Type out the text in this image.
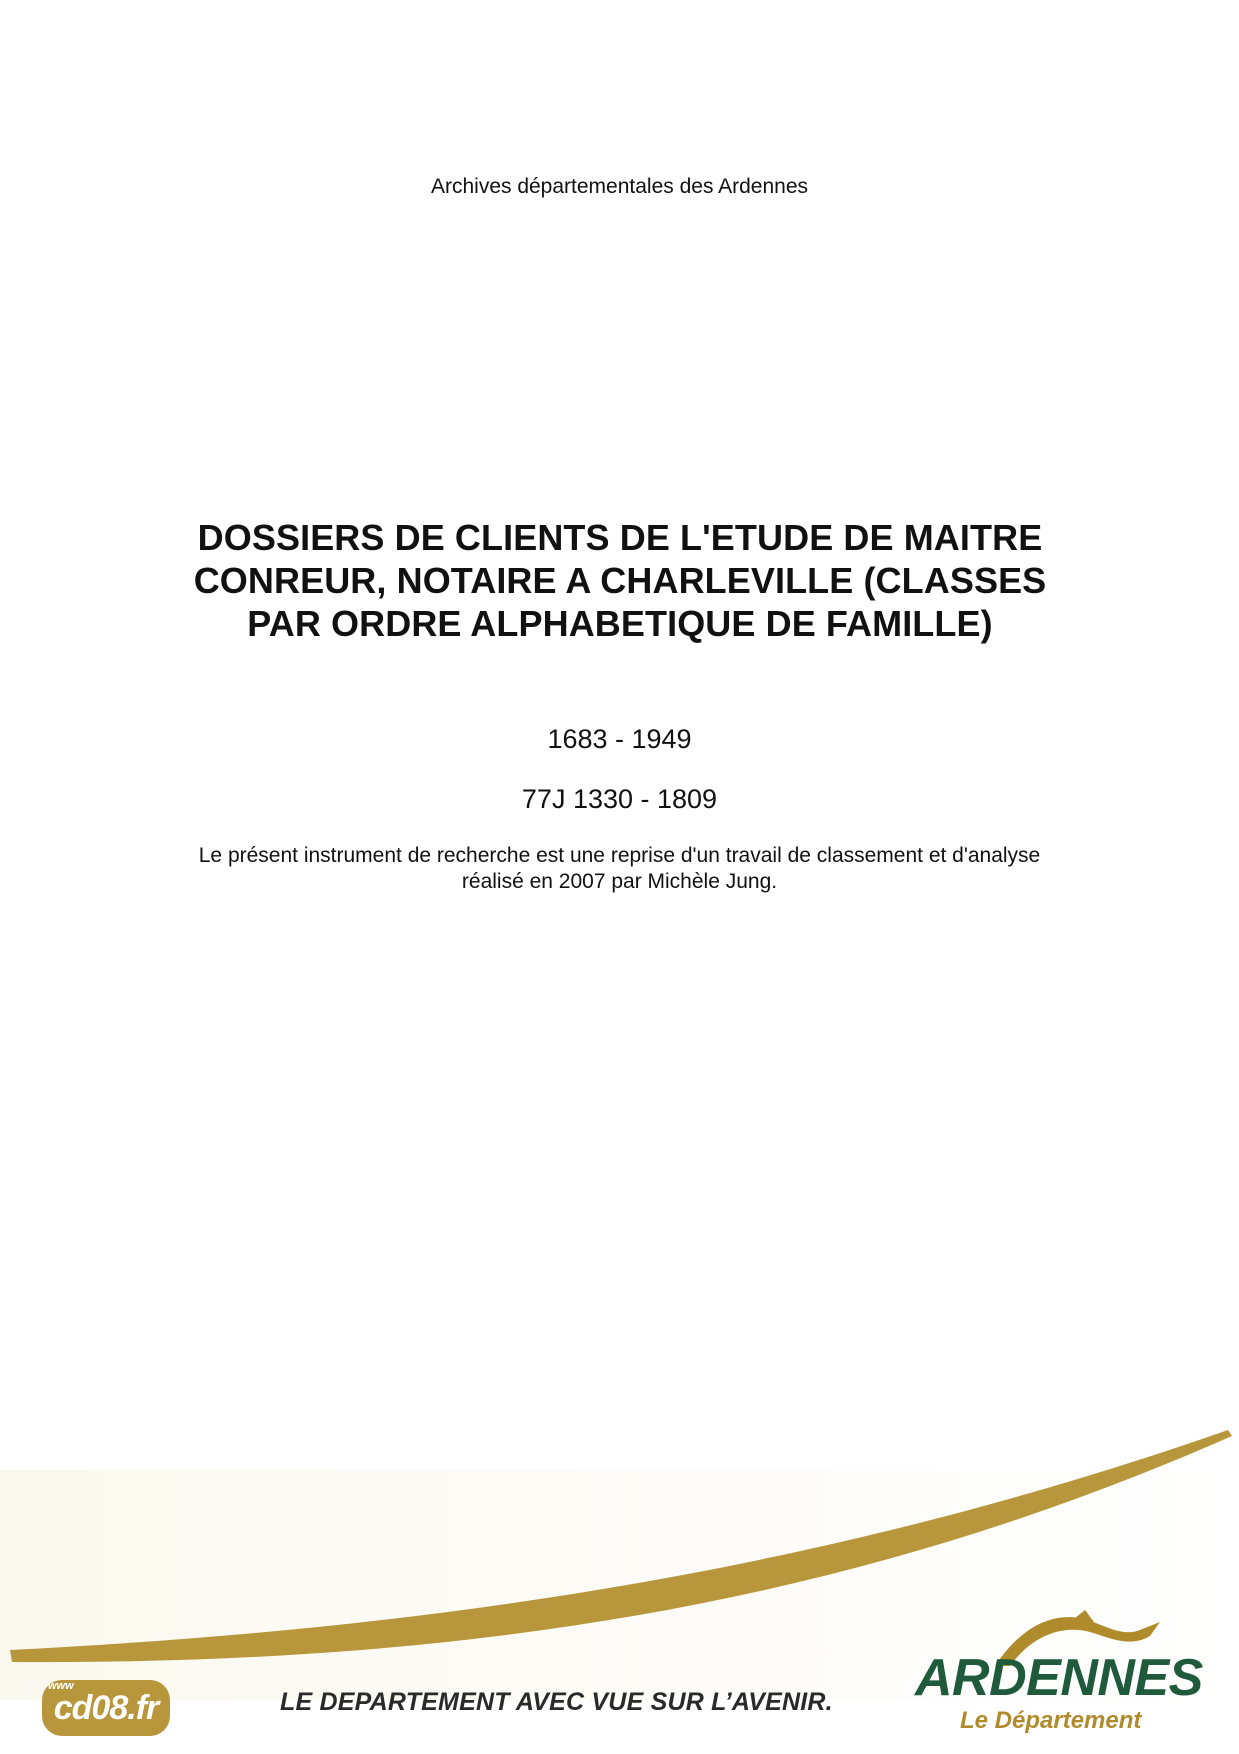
Archives départementales des Ardennes
DOSSIERS DE CLIENTS DE L'ETUDE DE MAITRE
CONREUR, NOTAIRE A CHARLEVILLE (CLASSES
PAR ORDRE ALPHABETIQUE DE FAMILLE)
1683 - 1949
77J 1330 - 1809
Le présent instrument de recherche est une reprise d'un travail de classement et d'analyse
réalisé en 2007 par Michèle Jung.
cd08.fr
www
LE DEPARTEMENT AVEC VUE SUR L’AVENIR. ARDENNES
Le Département
